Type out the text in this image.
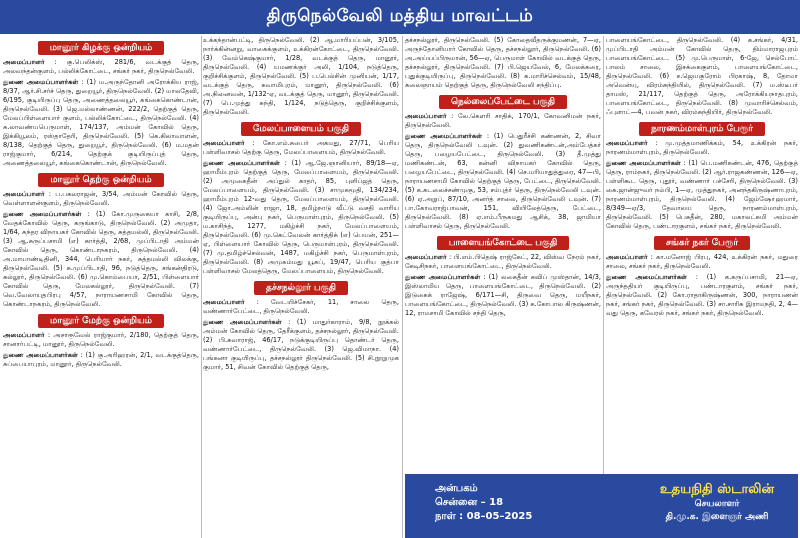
திருநெல்வேலி மத்திய மாவட்டம்
மானூர் கிழக்கு ஒன்றியம்

அமைப்பாளர் : கு.பெலிக்ஸ், 281/6, வடக்குத் தெரு, அலவந்தன்குளம், பல்லிக்கோட்டை, சங்கர் நகர், திருநெல்வேலி.

துணை அமைப்பாளர்கள் : (1) ம.அருந்தோனி அரோக்கிய ராஜ், 8/37, ஆர்.சி.சர்ச் தெரு, துறையூர், திருநெல்வேலி. (2) மாலதேவி, 6/195, குடியிருப்பு தெரு, அணைத்தலையூர், கங்கைகொண்டான், திருநெல்வேலி. (3) ஜெ.மல்லாண்ணன், 222/2, தெற்குத் தெரு, மேலப்பிள்ளையார் குளம், பல்லிக்கோட்டை, திருநெல்வேலி. (4) சு.லாவண்யபெருமாள், 174/137, அம்மன் கோவில் தெரு, இக்கியூலம், ரஸ்தாதேரி, திருநெல்வேலி. (5) கெ.கிலாவாளன், 8/138, தெற்குத் தெரு, துறையூர், திருநெல்வேலி. (6) ம.மதன் ராஜ்குமார், 6/214, தெற்குக் குடியிருப்புத் தெரு, அணைத்தலையூர், கங்கைகொண்டான், திருநெல்வேலி.

மானூர் தெற்கு ஒன்றியம்

அமைப்பாளர் : ப.பகலராஜன், 3/54, அம்மன் கோவில் தெரு, வெள்ளாளன்குளம், திருநெல்வேலி.

துணை அமைப்பாளர்கள் : (1) கோ.முருகையா காசி, 2/8, வேதக்கோவில் தெரு, கருங்காடு, திருநெல்வேலி. (2) அமுதா, 1/64, சுந்தர விநாயகர் கோவில் தெரு, சுத்தமல்லி, திருநெல்வேலி. (3) ஆ.சுருப்பசாமி (எ) கார்த்தி, 2/68, முப்பிடாதி அம்மன் கோவில் தெரு, கொண்டாநகரம், திருநெல்வேலி. (4) அ.மாயாண்டிதினி, 344, பெரியார் நகர், சுத்தமல்லி விலக்கு, திருநெல்வேலி. (5) சு.முப்பிடாதி, 96, நடுத்தெரு, சங்கன்திரடு, கல்லூர், திருநெல்வேலி. (6) மு.கொம்பையா, 2/51, பிள்ளையார் கோவில் தெரு, மேலகல்லூர், திருநெல்வேலி. (7) வெ.வேலாயுதபிரபு 4/57, நாராயணசாமி கோவில் தெரு, கொண்டாநகரம், திருநெல்வேலி.

மானூர் மேற்கு ஒன்றியம்

அமைப்பாளர் : அசாரூவேல் ராஜ்குமார், 2/180, தெற்குத் தெரு, சானார்பட்டி, மானூர், திருநெல்வேலி.

துணை அமைப்பாளர்கள் : (1) கு.அரிஹரன், 2/1, வடக்குத்தெரு, சுப்பையாபுரம், மானூர், திருநெல்வேலி.

உக்கந்தான்பட்டி, திருநெல்வேலி. (2) ஆ.மாரியப்பன், 3/105, நார்க்கின்னறு, வாகைக்குளம், உக்கிரன்கோட்டை, திருநெல்வேலி. (3) வேம்கெஷ்குமார், 1/28, வடக்குத் தெரு, மானூர், திருநெல்வேலி. (4) யமணக்குர் அலி, 1/104, நடுத்தெரு, குறிச்சிக்குளம், திருநெல்வேலி. (5) ப.பெல்சின் முனியன், 1/17, வடக்குத் தெரு, சுவாமிபுரம், மானூர், திருநெல்வேலி. (6) அ.நினைவன், 1/132-ஏ, வடக்குத் தெரு, மானூர், திருநெல்வேலி. (7) பெ.முத்து சுந்தி, 1/124, நடுத்தெரு, குறிச்சிக்குளம், திருநெல்வேலி.

மேலப்பாளையம் பகுதி

அமைப்பாளர் : கோ.எம்.சுபைர் அகமது, 27/71, பெரிய பள்ளிவாசல் தெற்கு தெரு, மேலப்பாளையம், திருநெல்வேலி.

துணை அமைப்பாளர்கள் : (1) ஆ.ஜே.ஞானியார், 89/18—ஏ, ஹாமீம்புரம் தெற்குத் தெரு, மேலப்பாளையம், திருநெல்வேலி. (2) அமுகைதீன் அப்துல் காதர், 85, புளிப்ஜத் தெரு, மேலப்பாளையம், திருநெல்வேலி. (3) சாமுகமூதி, 134/234, ஹாமீம்புரம் 12-வது தெரு, மேலப்பாளையம், திருநெல்வேலி. (4) ஜோ.அம்லின் ராஜா, 18, தமிழ்நாடு வீட்டு வசதி வாரிய குடியிருப்பு, அன்பு நகர், பெருமாள்புரம், திருநெல்வேலி. (5) ம.காசிந்த், 1277, மகிழ்ச்சி நகர், மேலப்பாளையம், திருநெல்வேலி. (6) மு.கெட்வேலன் கார்த்திக் (எ) பெயன், 251—ஏ, பிள்ளையார் கோவில் தெரு, பெருமாள்புரம், திருநெல்வேலி. (7) மு.தமிழ்ச்செல்வன், 1487, மகிழ்ச்சி நகர், பெருமாள்புரம், திருநெல்வேலி. (8) அமுகம்மது யூசுப், 19/47, பெரிய குத்பா பள்ளிவாசல் மேலத்தெரு, மேலப்பாளையம், திருநெல்வேலி.

தச்சநல்லூர் பகுதி

அமைப்பாளர் : வேடயிச்சேகர், 11, சாலை தெரு, வண்ணார்பேட்டை, திருநெல்வேலி.

துணை அமைப்பாளர்கள் : (1) மாதுர்காராம், 9/8, நூக்கல் அம்மன் கோவில் தெரு, தேரீக்குளம், தச்சநல்லூர், திருநெல்வேலி. (2) பி.கவாராஜ், 46/17, நடுக்குடியிருப்பு தொண்டர் தெரு, வண்ணார்பேட்டை, திருநெல்வேலி. (3) ஜெ.விமாநா. (4) பங்கனா குடியிருப்பு, தச்சநல்லூர் திருநெல்வேலி. (5) சி.நூறுமுக குமார், 51, சிவன் கோவில் தெற்குத் தெரு,

தச்சநல்லூர், திருநெல்வேலி. (5) கோதைவீதருக்குமணன், 7—ஏ, அருந்தோனியார் கோவில் தெரு, தச்சநல்லூர், திருநெல்வேலி. (6) அ.அய்யப்பிருமான், 56—ஏ, பெருமாள் கோவில் வடக்குத் தெரு, தச்சநல்லூர், திருநெல்வேலி. (7) பி.ஜெயவேல், 6, மேலக்கரை, புதுக்குடியிருப்பு, திருநெல்வேலி. (8) க.மாரிச்செல்வம், 15/48, கலைஞாயம் தெற்குத் தெரு, திருநெல்வேலி சந்திப்பு.

நெல்லைப்பேட்டை பகுதி

அமைப்பாளர் : லே.கௌரி சாதிக், 170/1, கோவனிமன் நகர், திருநெல்வேலி.

துணை அமைப்பாளர்கள் : (1) பெதுரீச்சி கண்ணன், 2, சிவா தெரு, திருநெல்வேலி டவுன். (2) துவணிகண்டன்,அம்பேத்கர் தெரு, பழையபேட்டை, திருநெல்வேலி. (3) தீ.முத்து மணிகண்டன், 63, கன்னி விநாயகர் கோவில் தெரு, பழையபேட்டை, திருநெல்வேலி. (4) செ.மரியாதுத்துரை, 47—பி, நாராயணசாமி கோவில் தெற்குத் தெரு, பேட்டை, திருநெல்வேலி. (5) க.கடலைச்சண்முகு, 53, சம்புத்ர் தெரு, திருநெல்வேலி டவுன். (6) ஏ.அறுப், 87/10, அனர்த் சாலை, திருநெல்வேலி டவுன். (7) பா.கோவராஜ்பாவன், 151, வியிலேத்தெரு, பேட்டை, திருநெல்வேலி. (8) ஏ.எம்.பீருகமது ஆசிக், 38, ஜாமியா பள்ளிவாசல் தெரு, திருநெல்வேலி.

பாளையங்கோட்டை பகுதி

அமைப்பாளர் : பி.எம்.பிதெஷ் ராஜ்கேட், 22, விஸ்வ நேரம் நகர், கேடிசிநகர், பாளையங்கோட்டை, திருநெல்வேலி.

துணை அமைப்பாளர்கள் : (1) லகைதீன் கவிப் முஸ்தான், 14/3, இஸ்லாமிய தெரு, பாளையங்கோட்டை, திருநெல்வேலி. (2) இடுகைக் ராஜேஷ், 6/171—சி, திருவை தெரு, மயீநகர், பாளையங்கோட்டை, திருநெல்வேலி. (3) க.கோபால கிருஷ்ணன், 12, ராமசாமி கோவில் சந்தி தெரு,

பாளையங்கோட்டை, திருநெல்வேலி. (4) க.சங்கர், 4/31, முப்பிடாதி அம்மன் கோவில் தெரு, திம்மாராஜபுரம் பாளையங்கோட்டை. (5) மு.பெருமாள், 6-ஜே, செல்போட் பாலம் சாலை, இசக்கைகுளம், பாளையங்கோட்டை, திருநெல்வேலி. (6) ச.ஜெயகுரோம் பிரகாஷ், 8, தோமா அவென்யு, விரம்சுந்தியில், திருநெல்வேலி. (7) ம.ஸ்டீபர் தாமஸ், 21/117, தெற்குத் தெரு, அரோக்கியநாதபுரம், பாளையங்கோட்டை, திருநெல்வேலி. (8) முவாரிச்செல்வம், ஃபுளாட்—4, பவன் நகர், விரம்சுந்தியிர், திருநெல்வேலி.

நாரணம்மாள்புரம் பேரூர்

அமைப்பாளர் : மு.முத்தமாணிக்கம், 54, உக்கிரன் நகர், நாரணம்மாள்புரம், திருநெல்வேலி.

துணை அமைப்பாளர்கள் : (1) பெ.மணிகண்டன், 476, தெற்குத் தெரு, ராம்நகர், திருநெல்வேலி. (2) ஆர்.ராஜகண்ணன், 126—ஏ, பள்ளிகூட தெரு, புதூர், வண்ணார் பச்சேரி, திருநெல்வேலி. (3) கை.ஜான்ஜுவர் நம்பி, 1—ஏ, முத்துநகர், அனந்தகிருஷ்ணாபுரம், நாரணம்மாள்புரம், திருநெல்வேலி. (4) ஜேம்ஷோ்ஹமார், 8/349—ஏ/3, தேவாலய தெரு, நாரணம்மாள்புரம், திருநெல்வேலி. (5) பெசுதீன், 280, மகாலட்சுமி அம்மன் கோவில் தெரு, பண்டாரகுளம், சங்கர் நகர், திருநெல்வேலி.

சங்கர் நகர் பேரூர்

அமைப்பாளர் : கா.மனோஜ் பிரபு, 424, உக்கிரன் நகர், மதுரை சாலை, சங்கர் நகர், திருநெல்வேலி.

துணை அமைப்பாளர்கள் : (1) க.கருப்பசாமி, 21—ஏ, அருந்ததியர் குடியிருப்பு, பண்டாரகுளம், சங்கர் நகர், திருநெல்வேலி. (2) கோ.ராதாகிருஷ்ணன், 300, நாராயணன் நகர், சங்கர் நகர், திருநெல்வேலி. (3) சா.சாரிசு இராமநதி, 2, 4—வது தெரு, கவேரல் நகர், சங்கர் நகர், திருநெல்வேலி.

அன்பகம்
சென்னை – 18
நாள் : 08–05–2025
உதயநிதி ஸ்டாலின்
செயலாளர்
தி.மு.க. இளைஞர் அணி
